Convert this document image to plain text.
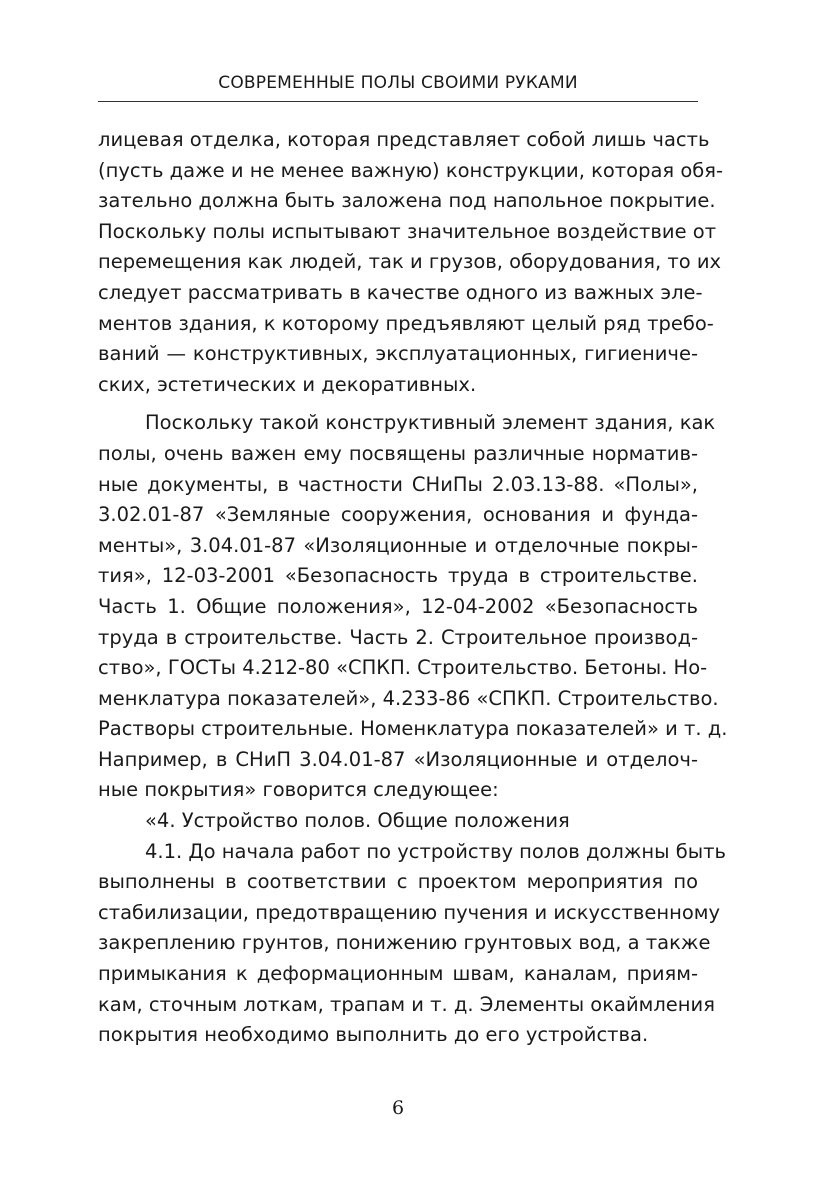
СОВРЕМЕННЫЕ ПОЛЫ СВОИМИ РУКАМИ
лицевая отделка, которая представляет собой лишь часть
(пусть даже и не менее важную) конструкции, которая обя-
зательно должна быть заложена под напольное покрытие.
Поскольку полы испытывают значительное воздействие от
перемещения как людей, так и грузов, оборудования, то их
следует рассматривать в качестве одного из важных эле-
ментов здания, к которому предъявляют целый ряд требо-
ваний — конструктивных, эксплуатационных, гигиениче-
ских, эстетических и декоративных.
Поскольку такой конструктивный элемент здания, как
полы, очень важен ему посвящены различные норматив-
ные документы, в частности СНиПы 2.03.13-88. «Полы»,
3.02.01-87 «Земляные сооружения, основания и фунда-
менты», 3.04.01-87 «Изоляционные и отделочные покры-
тия», 12-03-2001 «Безопасность труда в строительстве.
Часть 1. Общие положения», 12-04-2002 «Безопасность
труда в строительстве. Часть 2. Строительное производ-
ство», ГОСТы 4.212-80 «СПКП. Строительство. Бетоны. Но-
менклатура показателей», 4.233-86 «СПКП. Строительство.
Растворы строительные. Номенклатура показателей» и т. д.
Например, в СНиП 3.04.01-87 «Изоляционные и отделоч-
ные покрытия» говорится следующее:
«4. Устройство полов. Общие положения
4.1. До начала работ по устройству полов должны быть
выполнены в соответствии с проектом мероприятия по
стабилизации, предотвращению пучения и искусственному
закреплению грунтов, понижению грунтовых вод, а также
примыкания к деформационным швам, каналам, приям-
кам, сточным лоткам, трапам и т. д. Элементы окаймления
покрытия необходимо выполнить до его устройства.
6
